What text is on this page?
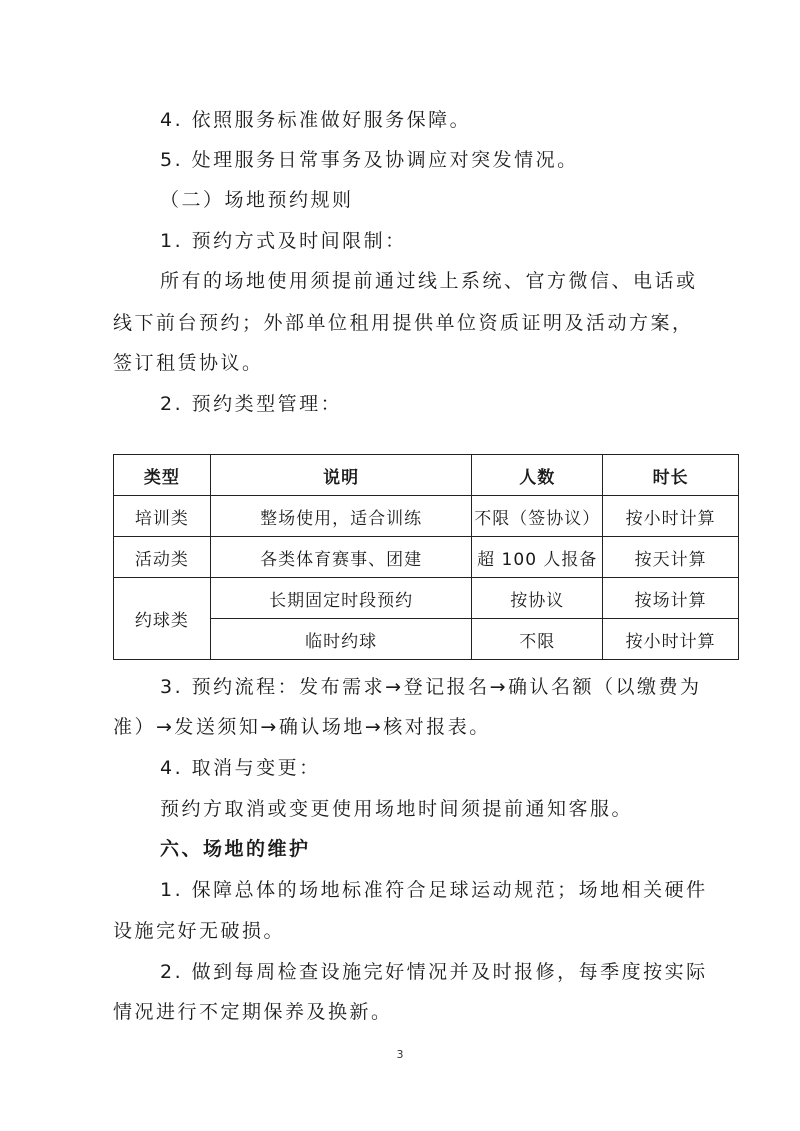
4. 依照服务标准做好服务保障。
5. 处理服务日常事务及协调应对突发情况。
（二）场地预约规则
1. 预约方式及时间限制：
所有的场地使用须提前通过线上系统、官方微信、电话或
线下前台预约；外部单位租用提供单位资质证明及活动方案，
签订租赁协议。
2. 预约类型管理：
类型	说明	人数	时长
培训类	整场使用，适合训练	不限（签协议）	按小时计算
活动类	各类体育赛事、团建	超 100 人报备	按天计算
约球类	长期固定时段预约	按协议	按场计算
	临时约球	不限	按小时计算
3. 预约流程：发布需求→登记报名→确认名额（以缴费为
准）→发送须知→确认场地→核对报表。
4. 取消与变更：
预约方取消或变更使用场地时间须提前通知客服。
六、场地的维护
1. 保障总体的场地标准符合足球运动规范；场地相关硬件
设施完好无破损。
2. 做到每周检查设施完好情况并及时报修，每季度按实际
情况进行不定期保养及换新。
3
